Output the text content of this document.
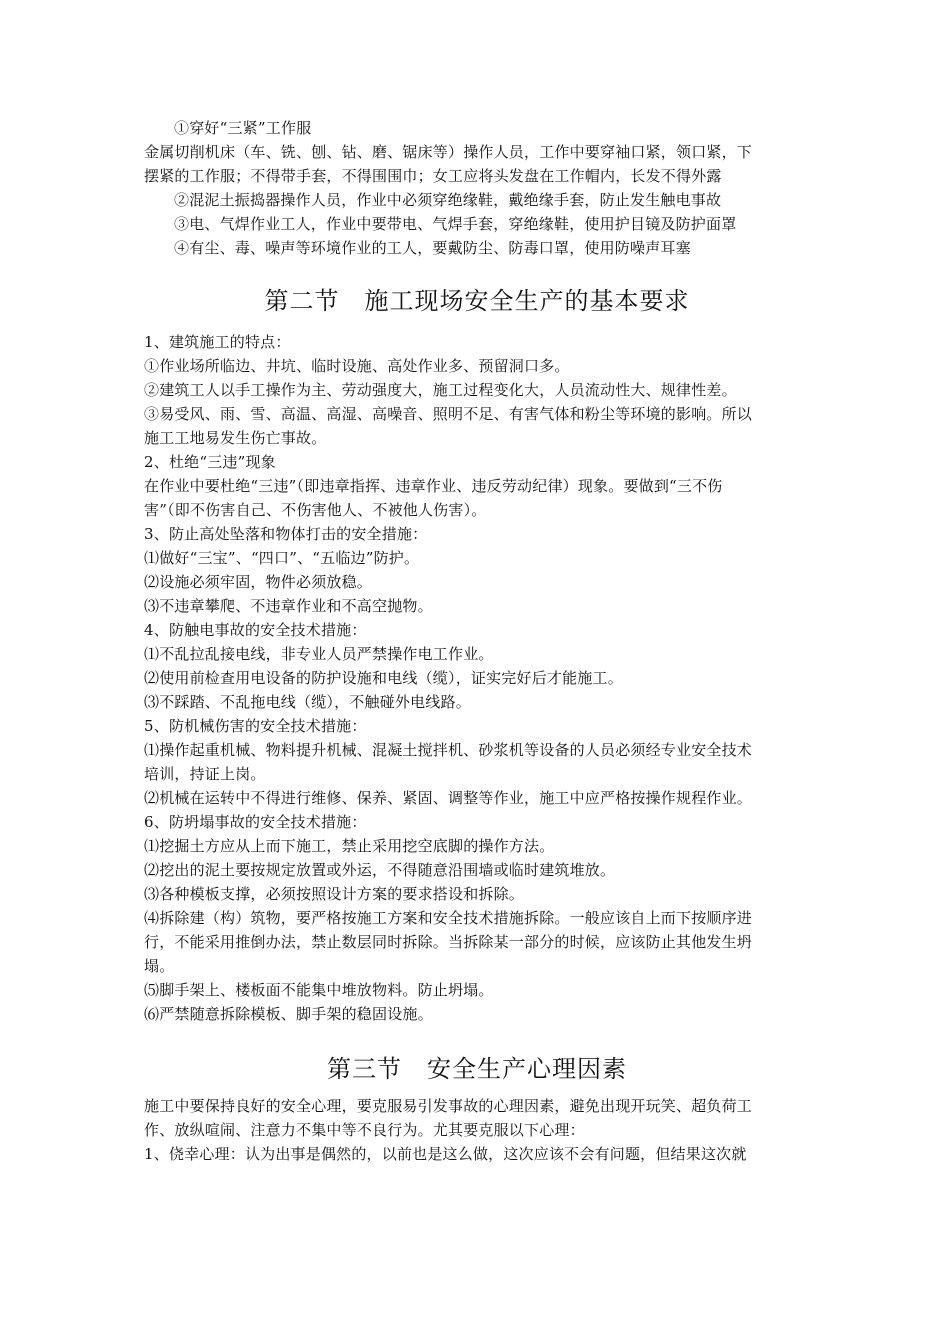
①穿好“三紧”工作服
金属切削机床（车、铣、刨、钻、磨、锯床等）操作人员，工作中要穿袖口紧，领口紧，下
摆紧的工作服；不得带手套，不得围围巾；女工应将头发盘在工作帽内，长发不得外露
②混泥土振捣器操作人员，作业中必须穿绝缘鞋，戴绝缘手套，防止发生触电事故
③电、气焊作业工人，作业中要带电、气焊手套，穿绝缘鞋，使用护目镜及防护面罩
④有尘、毒、噪声等环境作业的工人，要戴防尘、防毒口罩，使用防噪声耳塞
第二节　施工现场安全生产的基本要求
1、建筑施工的特点：
①作业场所临边、井坑、临时设施、高处作业多、预留洞口多。
②建筑工人以手工操作为主、劳动强度大，施工过程变化大，人员流动性大、规律性差。
③易受风、雨、雪、高温、高湿、高噪音、照明不足、有害气体和粉尘等环境的影响。所以
施工工地易发生伤亡事故。
2、杜绝“三违”现象
在作业中要杜绝“三违”（即违章指挥、违章作业、违反劳动纪律）现象。要做到“三不伤
害”（即不伤害自己、不伤害他人、不被他人伤害）。
3、防止高处坠落和物体打击的安全措施：
⑴做好“三宝”、“四口”、“五临边”防护。
⑵设施必须牢固，物件必须放稳。
⑶不违章攀爬、不违章作业和不高空抛物。
4、防触电事故的安全技术措施：
⑴不乱拉乱接电线，非专业人员严禁操作电工作业。
⑵使用前检查用电设备的防护设施和电线（缆），证实完好后才能施工。
⑶不踩踏、不乱拖电线（缆），不触碰外电线路。
5、防机械伤害的安全技术措施：
⑴操作起重机械、物料提升机械、混凝土搅拌机、砂浆机等设备的人员必须经专业安全技术
培训，持证上岗。
⑵机械在运转中不得进行维修、保养、紧固、调整等作业，施工中应严格按操作规程作业。
6、防坍塌事故的安全技术措施：
⑴挖掘土方应从上而下施工，禁止采用挖空底脚的操作方法。
⑵挖出的泥土要按规定放置或外运，不得随意沿围墙或临时建筑堆放。
⑶各种模板支撑，必须按照设计方案的要求搭设和拆除。
⑷拆除建（构）筑物，要严格按施工方案和安全技术措施拆除。一般应该自上而下按顺序进
行，不能采用推倒办法，禁止数层同时拆除。当拆除某一部分的时候，应该防止其他发生坍
塌。
⑸脚手架上、楼板面不能集中堆放物料。防止坍塌。
⑹严禁随意拆除模板、脚手架的稳固设施。
第三节　安全生产心理因素
施工中要保持良好的安全心理，要克服易引发事故的心理因素，避免出现开玩笑、超负荷工
作、放纵喧闹、注意力不集中等不良行为。尤其要克服以下心理：
1、侥幸心理：认为出事是偶然的，以前也是这么做，这次应该不会有问题，但结果这次就
